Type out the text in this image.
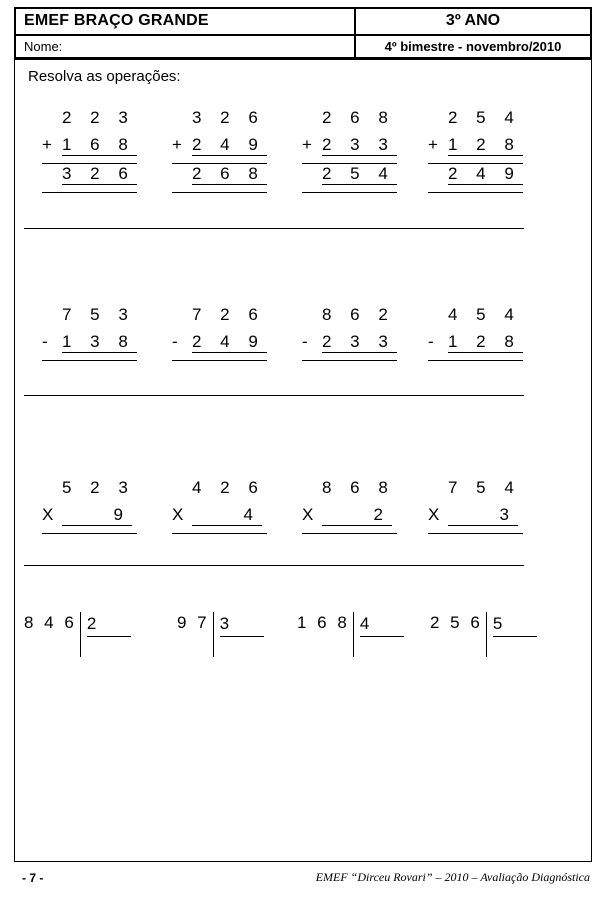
EMEF BRAÇO GRANDE	3º ANO
Nome:	4º bimestre - novembro/2010
Resolva as operações:
2 2 3
+ 1 6 8
3 2 6
3 2 6
+ 2 4 9
2 6 8
2 6 8
+ 2 3 3
2 5 4
2 5 4
+ 1 2 8
2 4 9
7 5 3
- 1 3 8
7 2 6
- 2 4 9
8 6 2
- 2 3 3
4 5 4
- 1 2 8
5 2 3
X	9
4 2 6
X	4
8 6 8
X	2
7 5 4
X	3
8 4 6 2	9 7 3	1 6 8 4	2 5 6 5
- 7 -	EMEF “Dirceu Rovari” – 2010 – Avaliação Diagnóstica
